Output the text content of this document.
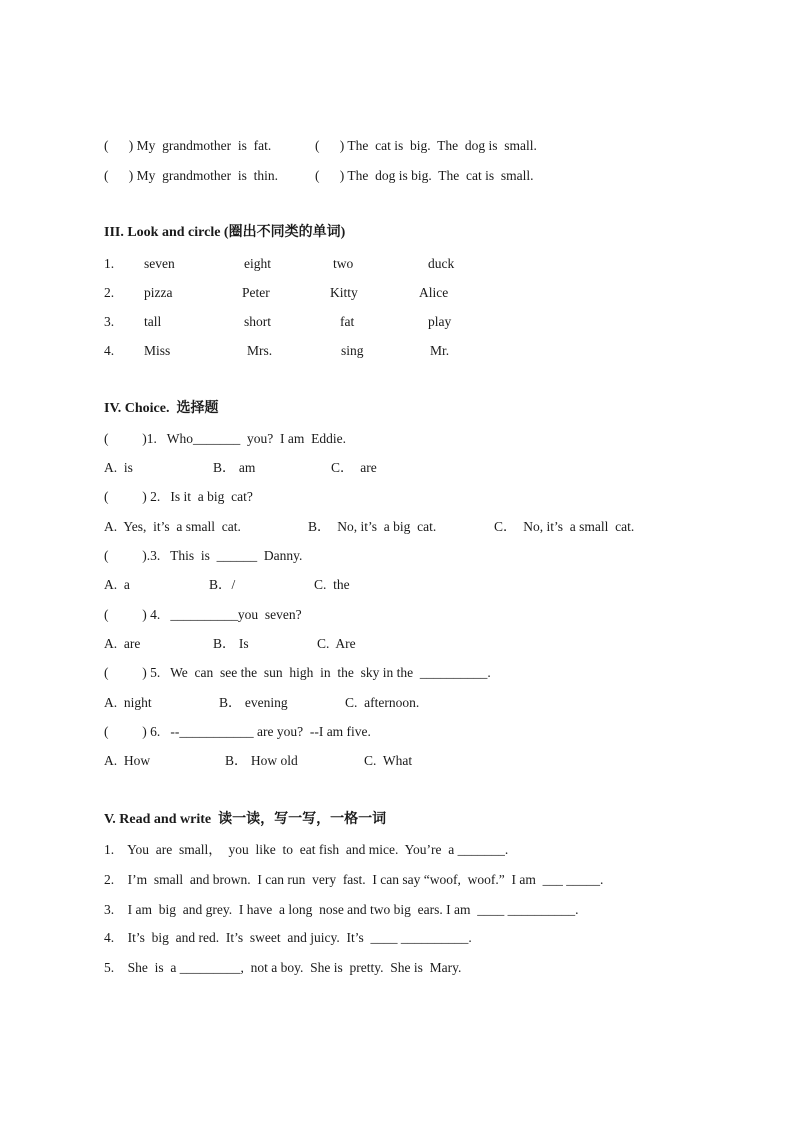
(      ) My  grandmother  is  fat.	(      ) The  cat is  big.  The  dog is  small.
(      ) My  grandmother  is  thin.	(      ) The  dog is big.  The  cat is  small.
III. Look and circle (圈出不同类的单词)
1. seven	eight	two	duck
2. pizza	Peter	Kitty	Alice
3. tall	short	fat	play
4. Miss	Mrs.	sing	Mr.
IV. Choice.  选择题
(          )1.   Who_______  you?  I am  Eddie.
A.  is	B． am	C．  are
(          ) 2.   Is it  a big  cat?
A.  Yes,  it’s  a small  cat.	B．  No, it’s  a big  cat.	C．  No, it’s  a small  cat.
(          ).3.   This  is  ______  Danny.
A.  a	B．/	C.  the
(          ) 4.   __________you  seven?
A.  are	B． Is	C.  Are
(          ) 5.   We  can  see the  sun  high  in  the  sky in the  __________.
A.  night	B． evening	C.  afternoon.
(          ) 6.   --___________ are you?  --I am five.
A.  How	B． How old	C.  What
V. Read and write  读一读，写一写，一格一词
1.    You  are  small，  you  like  to  eat fish  and mice.  You’re  a _______.
2.    I’m  small  and brown.  I can run  very  fast.  I can say “woof,  woof.”  I am  ___ _____.
3.    I am  big  and grey.  I have  a long  nose and two big  ears. I am  ____ __________.
4.    It’s  big  and red.  It’s  sweet  and juicy.  It’s  ____ __________.
5.    She  is  a _________,  not a boy.  She is  pretty.  She is  Mary.
